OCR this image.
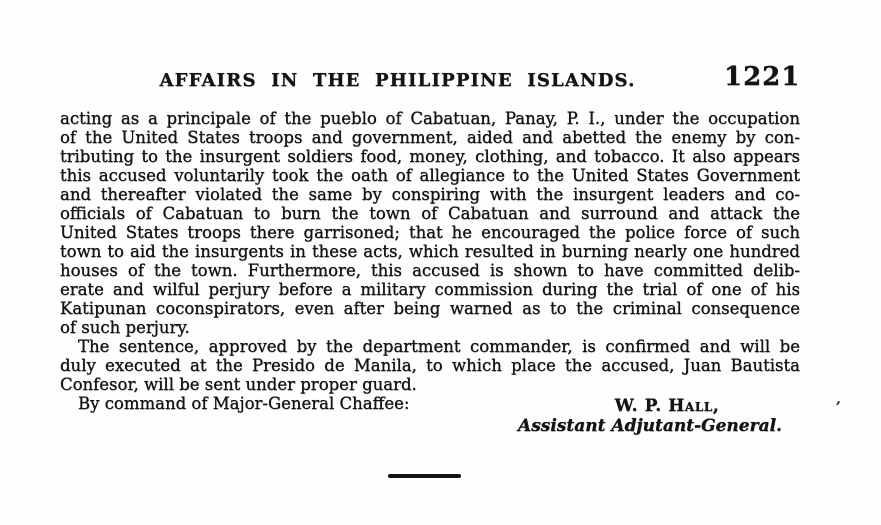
AFFAIRS IN THE PHILIPPINE ISLANDS.	1221
acting as a principale of the pueblo of Cabatuan, Panay, P. I., under the occupation
of the United States troops and government, aided and abetted the enemy by con-
tributing to the insurgent soldiers food, money, clothing, and tobacco. It also appears
this accused voluntarily took the oath of allegiance to the United States Government
and thereafter violated the same by conspiring with the insurgent leaders and co-
officials of Cabatuan to burn the town of Cabatuan and surround and attack the
United States troops there garrisoned; that he encouraged the police force of such
town to aid the insurgents in these acts, which resulted in burning nearly one hundred
houses of the town. Furthermore, this accused is shown to have committed delib-
erate and wilful perjury before a military commission during the trial of one of his
Katipunan coconspirators, even after being warned as to the criminal consequence
of such perjury.
The sentence, approved by the department commander, is confirmed and will be
duly executed at the Presido de Manila, to which place the accused, Juan Bautista
Confesor, will be sent under proper guard.
By command of Major-General Chaffee:	W. P. Hall,
Assistant Adjutant-General.
’
